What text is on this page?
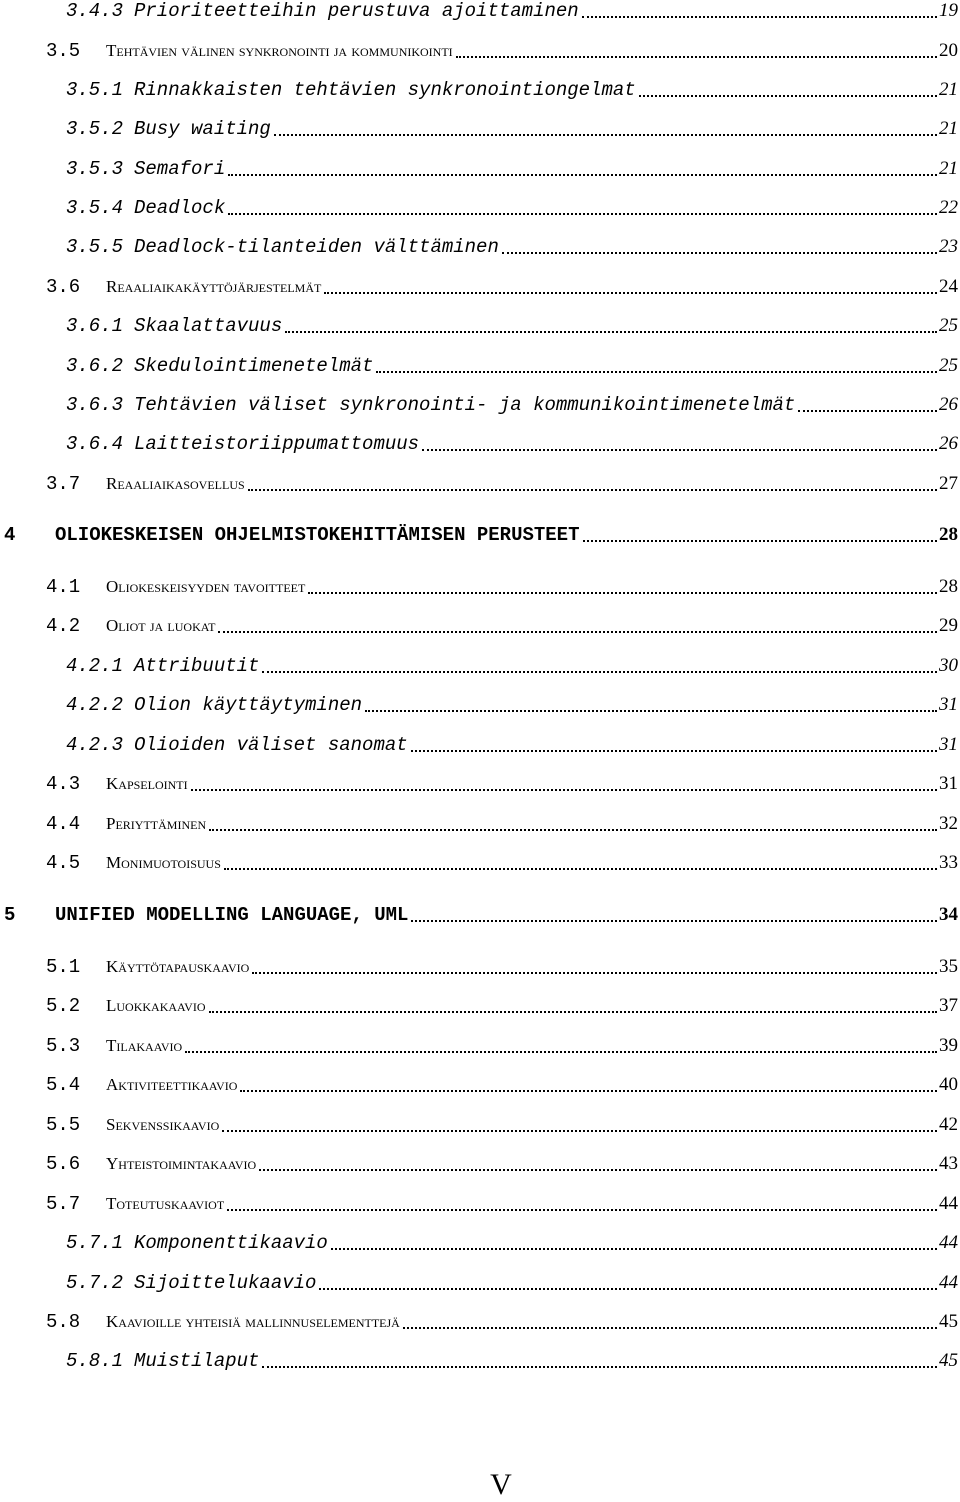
3.4.3 Prioriteetteihin perustuva ajoittaminen	19
3.5	Tehtävien välinen synkronointi ja kommunikointi	20
3.5.1 Rinnakkaisten tehtävien synkronointiongelmat	21
3.5.2 Busy waiting	21
3.5.3 Semafori	21
3.5.4 Deadlock	22
3.5.5 Deadlock-tilanteiden välttäminen	23
3.6	Reaaliaikakäyttöjärjestelmät	24
3.6.1 Skaalattavuus	25
3.6.2 Skedulointimenetelmät	25
3.6.3 Tehtävien väliset synkronointi- ja kommunikointimenetelmät	26
3.6.4 Laitteistoriippumattomuus	26
3.7	Reaaliaikasovellus	27
4	OLIOKESKEISEN OHJELMISTOKEHITTÄMISEN PERUSTEET	28
4.1	Oliokeskeisyyden tavoitteet	28
4.2	Oliot ja luokat	29
4.2.1 Attribuutit	30
4.2.2 Olion käyttäytyminen	31
4.2.3 Olioiden väliset sanomat	31
4.3	Kapselointi	31
4.4	Periyttäminen	32
4.5	Monimuotoisuus	33
5	UNIFIED MODELLING LANGUAGE, UML	34
5.1	Käyttötapauskaavio	35
5.2	Luokkakaavio	37
5.3	Tilakaavio	39
5.4	Aktiviteettikaavio	40
5.5	Sekvenssikaavio	42
5.6	Yhteistoimintakaavio	43
5.7	Toteutuskaaviot	44
5.7.1 Komponenttikaavio	44
5.7.2 Sijoittelukaavio	44
5.8	Kaavioille yhteisiä mallinnuselementtejä	45
5.8.1 Muistilaput	45
V
